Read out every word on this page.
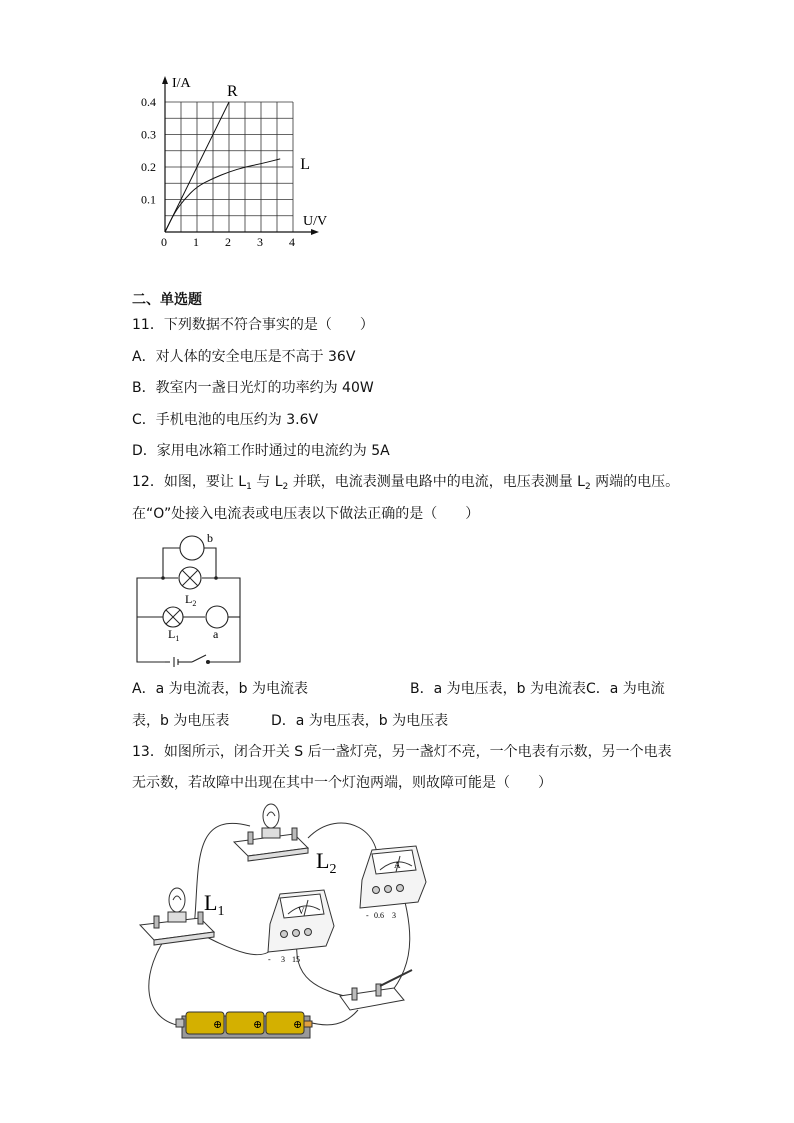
0 1 2 3 4
0.1
0.2
0.3
0.4
R
L
I/A
U/V
二、单选题
11．下列数据不符合事实的是（　　）
A．对人体的安全电压是不高于 36V
B．教室内一盏日光灯的功率约为 40W
C．手机电池的电压约为 3.6V
D．家用电冰箱工作时通过的电流约为 5A
12．如图，要让 $L_1$ 与 $L_2$ 并联，电流表测量电路中的电流，电压表测量 $L_2$ 两端的电压。
在“O”处接入电流表或电压表以下做法正确的是（　　）
b
$L_2$
$L_1$	a
A．a 为电流表，b 为电流表	B．a 为电压表，b 为电流表C．a 为电流
表，b 为电压表	D．a 为电压表，b 为电压表
13．如图所示，闭合开关 S 后一盏灯亮，另一盏灯不亮，一个电表有示数，另一个电表
无示数，若故障中出现在其中一个灯泡两端，则故障可能是（　　）
$L_1$
$L_2$	A
- 0.6 3
V
- 3 15
⊕	⊕	⊕
